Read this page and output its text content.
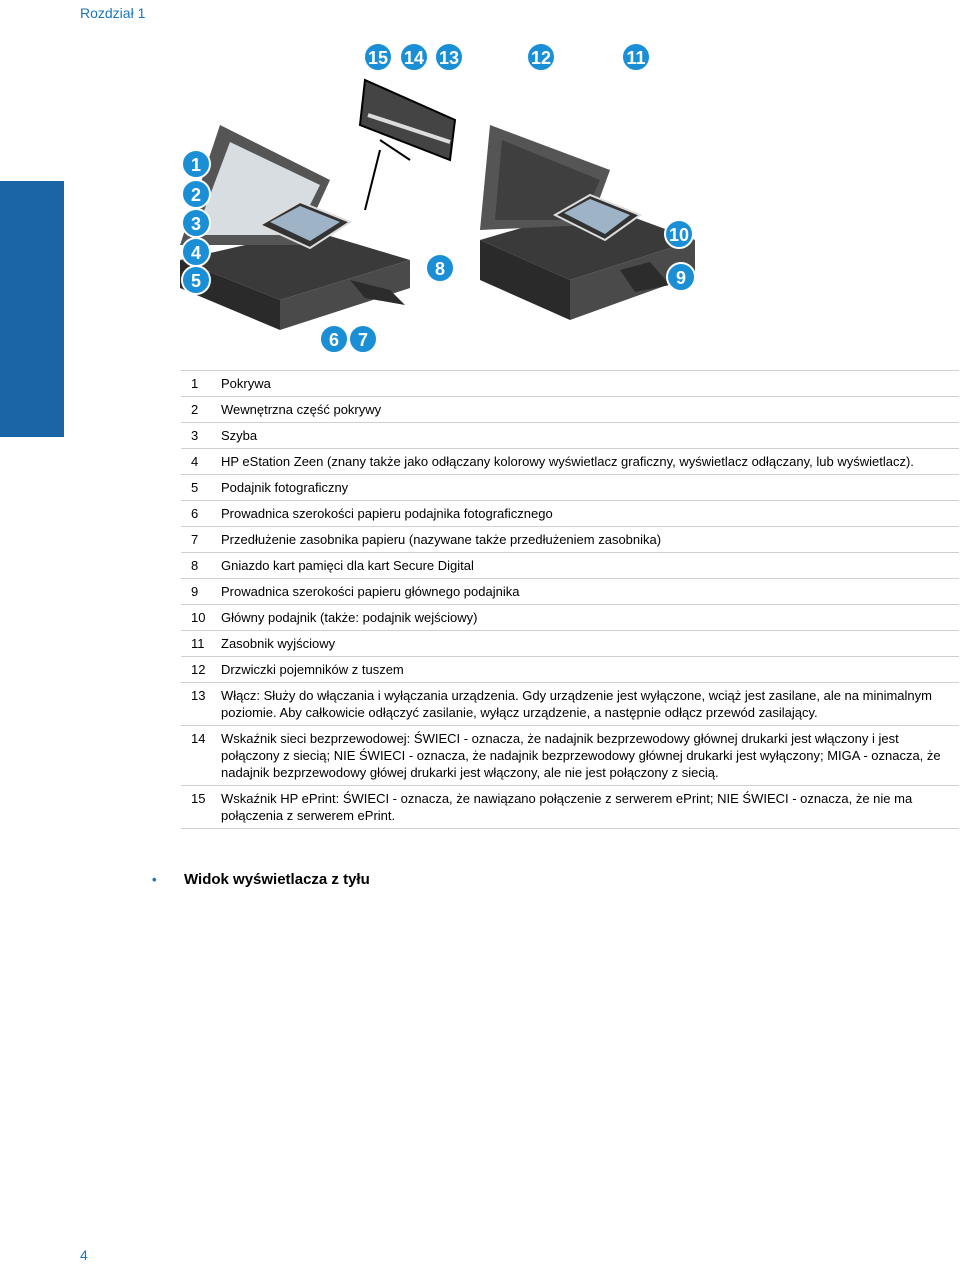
Rozdział 1
1
2
3
4
5
6 7
8	9
10
11
12
13
14
15
1	Pokrywa
2	Wewnętrzna część pokrywy
3	Szyba
4	HP eStation Zeen (znany także jako odłączany kolorowy wyświetlacz graficzny, wyświetlacz odłączany, lub wyświetlacz).
5	Podajnik fotograficzny
6	Prowadnica szerokości papieru podajnika fotograficznego
7	Przedłużenie zasobnika papieru (nazywane także przedłużeniem zasobnika)
8	Gniazdo kart pamięci dla kart Secure Digital
9	Prowadnica szerokości papieru głównego podajnika
10	Główny podajnik (także: podajnik wejściowy)
11	Zasobnik wyjściowy
12	Drzwiczki pojemników z tuszem
13	Włącz: Służy do włączania i wyłączania urządzenia. Gdy urządzenie jest wyłączone, wciąż jest zasilane, ale na minimalnym poziomie. Aby całkowicie odłączyć zasilanie, wyłącz urządzenie, a następnie odłącz przewód zasilający.
14	Wskaźnik sieci bezprzewodowej: ŚWIECI - oznacza, że nadajnik bezprzewodowy głównej drukarki jest włączony i jest połączony z siecią; NIE ŚWIECI - oznacza, że nadajnik bezprzewodowy głównej drukarki jest wyłączony; MIGA - oznacza, że nadajnik bezprzewodowy główej drukarki jest włączony, ale nie jest połączony z siecią.
15	Wskaźnik HP ePrint: ŚWIECI - oznacza, że nawiązano połączenie z serwerem ePrint; NIE ŚWIECI - oznacza, że nie ma połączenia z serwerem ePrint.
• Widok wyświetlacza z tyłu
4
